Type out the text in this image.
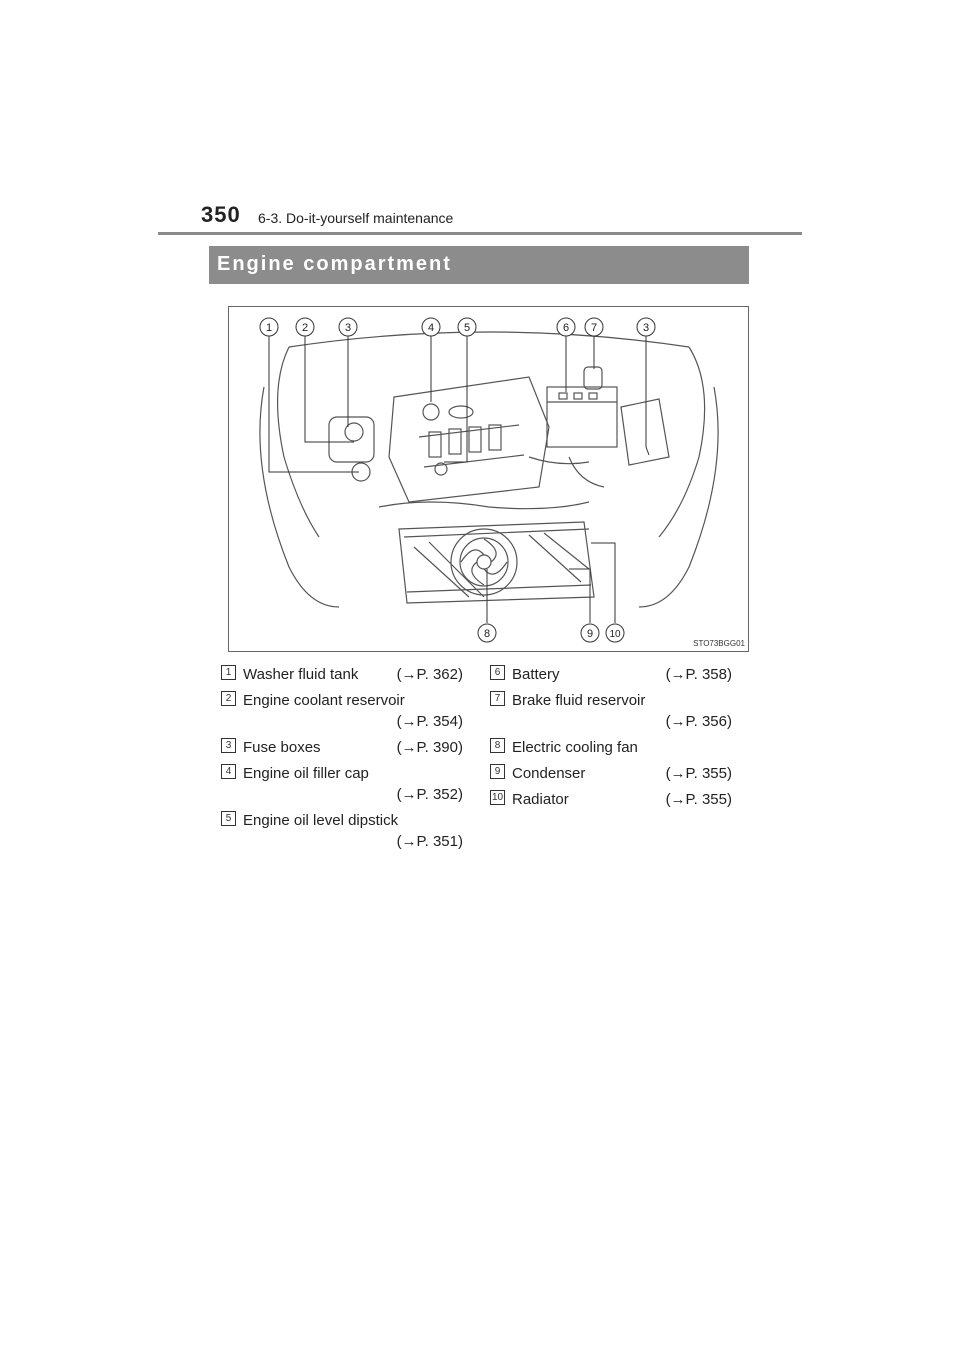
350 6-3. Do-it-yourself maintenance
Engine compartment
1	2	3	4	5	6 7	3
8	9 10
STO73BGG01
1 Washer fluid tank	(→P. 362)
2 Engine coolant reservoir
(→P. 354)
3 Fuse boxes	(→P. 390)
4 Engine oil filler cap
(→P. 352)
5 Engine oil level dipstick
(→P. 351)
6 Battery	(→P. 358)
7 Brake fluid reservoir
(→P. 356)
8 Electric cooling fan
9 Condenser	(→P. 355)
10 Radiator	(→P. 355)
